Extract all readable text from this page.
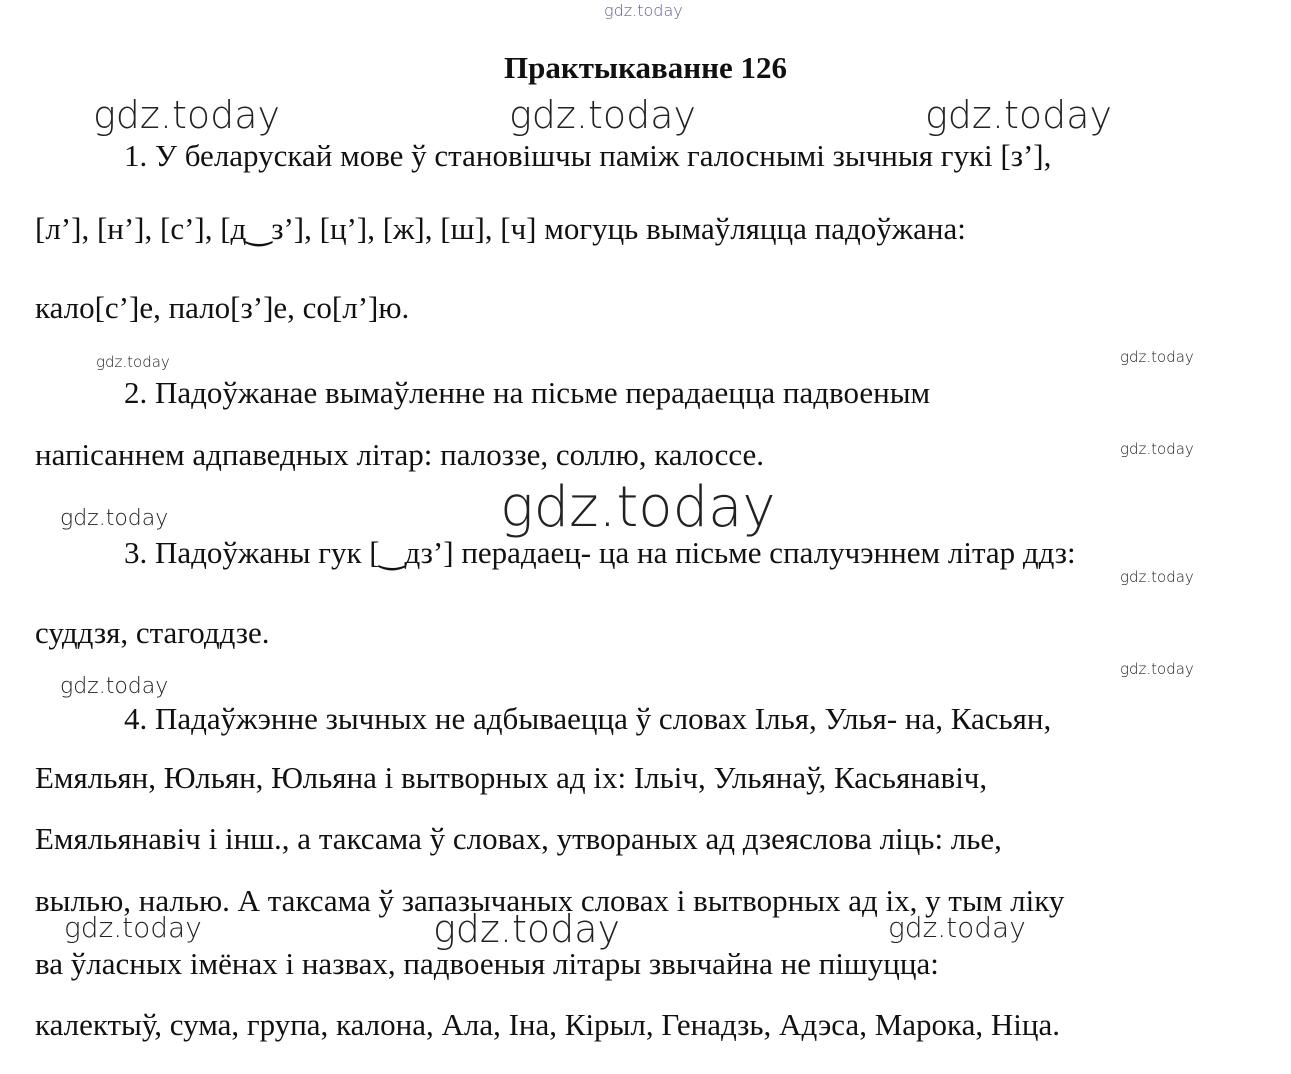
gdz.today
gdz.today	gdz.today	gdz.today
gdz.today	gdz.today
gdz.today
gdz.today	gdz.today
gdz.today
gdz.today
gdz.today
gdz.today	gdz.today	gdz.today
Практыкаванне 126
1. У беларускай мове ў становішчы паміж галоснымі зычныя гукі [з’],
[л’], [н’], [с’], [д‿з’], [ц’], [ж], [ш], [ч] могуць вымаўляцца падоўжана:
кало[с’]е, пало[з’]е, со[л’]ю.
2. Падоўжанае вымаўленне на пісьме перадаецца падвоеным
напісаннем адпаведных літар: палоззе, соллю, калоссе.
3. Падоўжаны гук [‿дз’] перадаец- ца на пісьме спалучэннем літар ддз:
суддзя, стагоддзе.
4. Падаўжэнне зычных не адбываецца ў словах Ілья, Улья- на, Касьян,
Емяльян, Юльян, Юльяна і вытворных ад іх: Ільіч, Ульянаў, Касьянавіч,
Емяльянавіч і інш., а таксама ў словах, утвораных ад дзеяслова ліць: лье,
вылью, налью. А таксама ў запазычаных словах і вытворных ад іх, у тым ліку
ва ўласных імёнах і назвах, падвоеныя літары звычайна не пішуцца:
калектыў, сума, група, калона, Ала, Іна, Кірыл, Генадзь, Адэса, Марока, Ніца.
